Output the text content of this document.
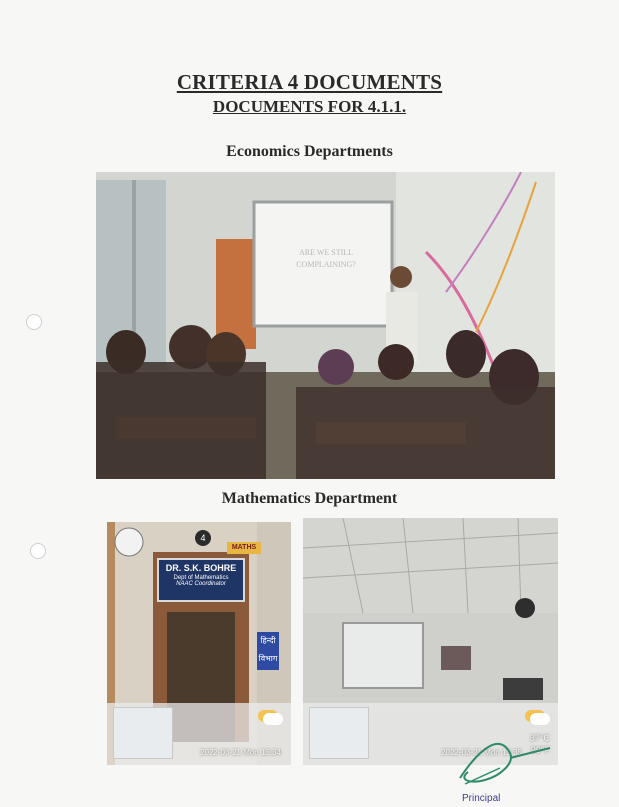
CRITERIA 4 DOCUMENTS
DOCUMENTS FOR 4.1.1.
Economics Departments
ARE WE STILL COMPLAINING?
Mathematics Department
4
MATHS
DR. S.K. BOHRE
Dept of Mathematics
NAAC Coordinator
हिन्दी विभाग
2022-03-21 Mon 13:34
37°C
99°F
2022-03-21 Mon 13:35
Principal
